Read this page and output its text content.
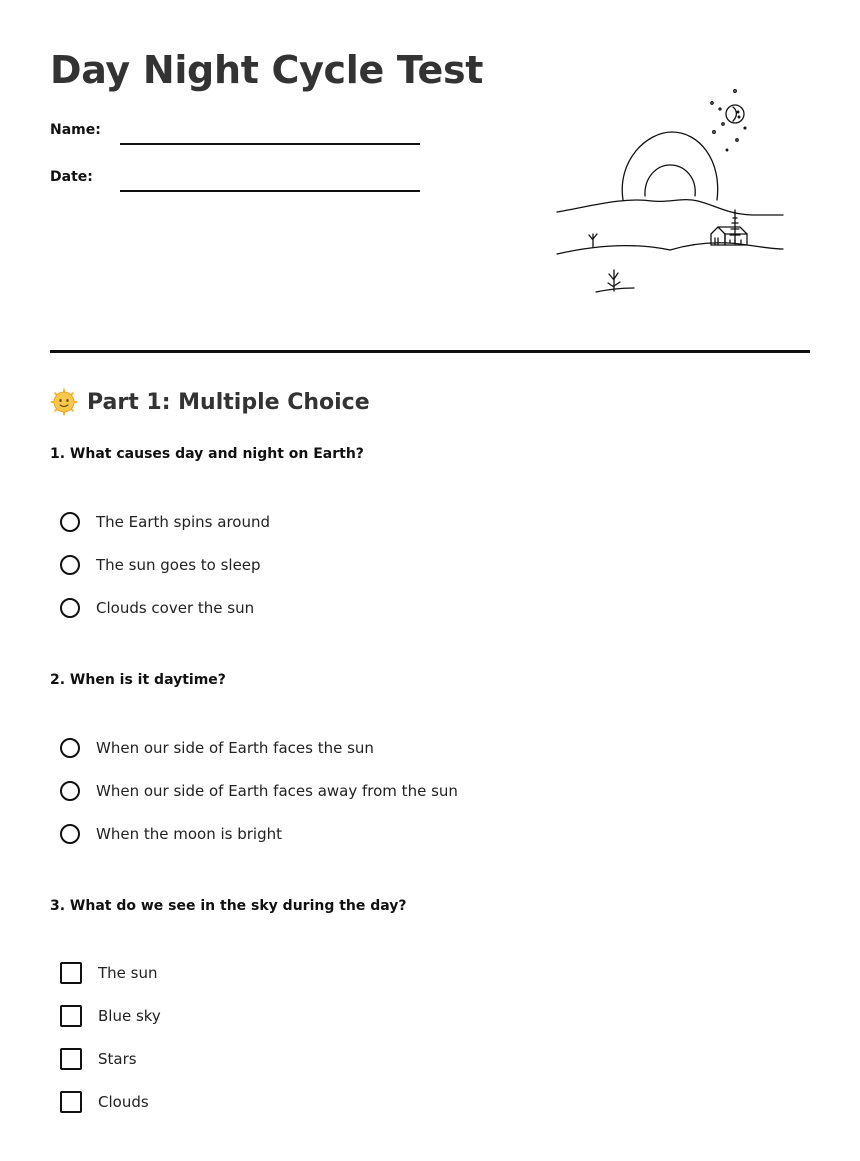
Day Night Cycle Test
Name:
Date:
Part 1: Multiple Choice
1. What causes day and night on Earth?
The Earth spins around
The sun goes to sleep
Clouds cover the sun
2. When is it daytime?
When our side of Earth faces the sun
When our side of Earth faces away from the sun
When the moon is bright
3. What do we see in the sky during the day?
The sun
Blue sky
Stars
Clouds
